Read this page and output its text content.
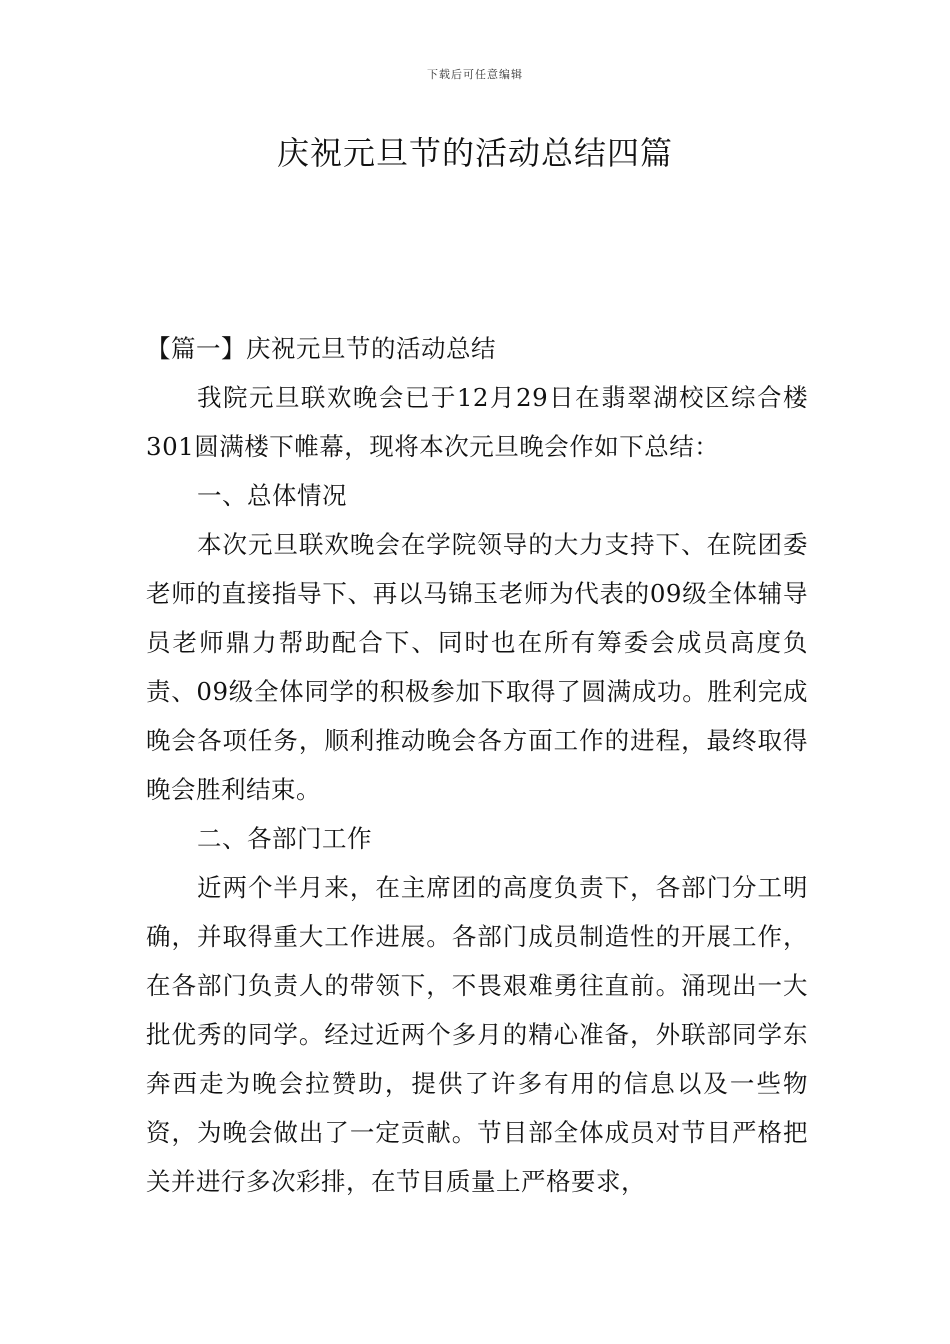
下载后可任意编辑
庆祝元旦节的活动总结四篇

【篇一】庆祝元旦节的活动总结

我院元旦联欢晚会已于12月29日在翡翠湖校区综合楼301圆满楼下帷幕，现将本次元旦晚会作如下总结：

一、总体情况

本次元旦联欢晚会在学院领导的大力支持下、在院团委老师的直接指导下、再以马锦玉老师为代表的09级全体辅导员老师鼎力帮助配合下、同时也在所有筹委会成员高度负责、09级全体同学的积极参加下取得了圆满成功。胜利完成晚会各项任务，顺利推动晚会各方面工作的进程，最终取得晚会胜利结束。

二、各部门工作

近两个半月来，在主席团的高度负责下，各部门分工明确，并取得重大工作进展。各部门成员制造性的开展工作，在各部门负责人的带领下，不畏艰难勇往直前。涌现出一大批优秀的同学。经过近两个多月的精心准备，外联部同学东奔西走为晚会拉赞助，提供了许多有用的信息以及一些物资，为晚会做出了一定贡献。节目部全体成员对节目严格把关并进行多次彩排，在节目质量上严格要求，
